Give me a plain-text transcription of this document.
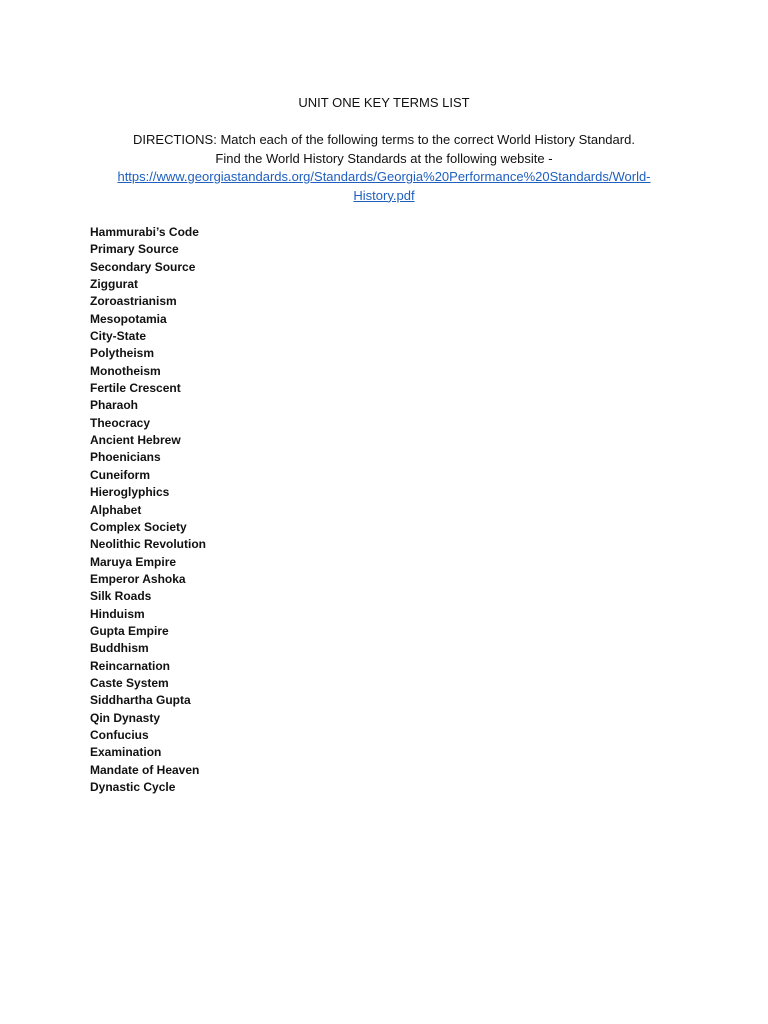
UNIT ONE KEY TERMS LIST
DIRECTIONS: Match each of the following terms to the correct World History Standard.
Find the World History Standards at the following website -
https://www.georgiastandards.org/Standards/Georgia%20Performance%20Standards/World-
History.pdf
Hammurabi’s Code
Primary Source
Secondary Source
Ziggurat
Zoroastrianism
Mesopotamia
City-State
Polytheism
Monotheism
Fertile Crescent
Pharaoh
Theocracy
Ancient Hebrew
Phoenicians
Cuneiform
Hieroglyphics
Alphabet
Complex Society
Neolithic Revolution
Maruya Empire
Emperor Ashoka
Silk Roads
Hinduism
Gupta Empire
Buddhism
Reincarnation
Caste System
Siddhartha Gupta
Qin Dynasty
Confucius
Examination
Mandate of Heaven
Dynastic Cycle
